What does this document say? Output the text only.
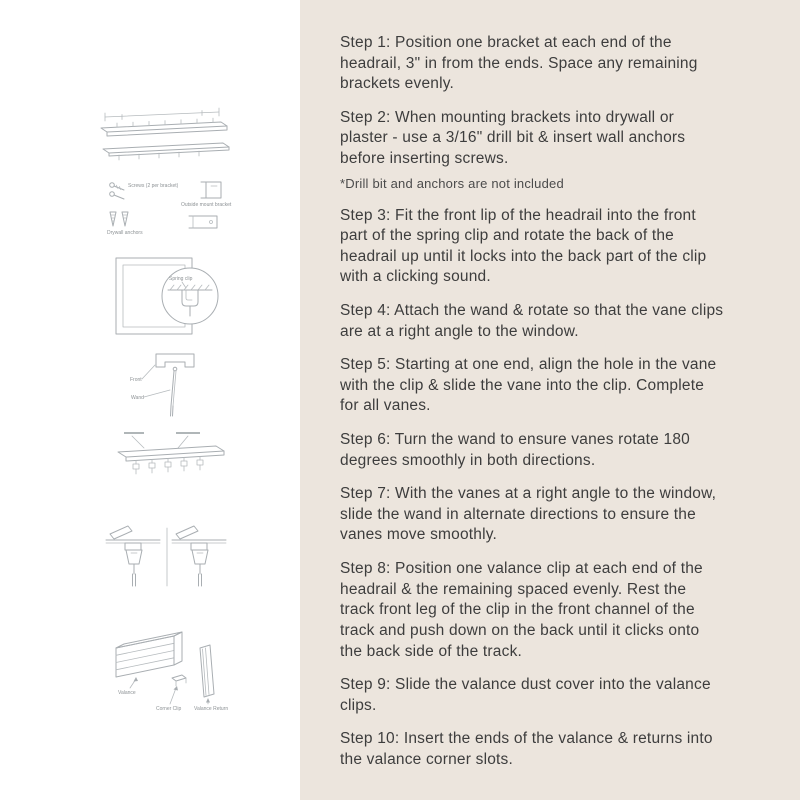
Screws (2 per bracket)
Outside mount bracket
Drywall anchors
Spring clip
Front
Wand
Valance
Corner Clip	Valance Return

Step 1: Position one bracket at each end of the headrail, 3" in from the ends. Space any remaining brackets evenly.

Step 2: When mounting brackets into drywall or plaster - use a 3/16" drill bit & insert wall anchors before inserting screws.

*Drill bit and anchors are not included

Step 3: Fit the front lip of the headrail into the front part of the spring clip and rotate the back of the headrail up until it locks into the back part of the clip with a clicking sound.

Step 4: Attach the wand & rotate so that the vane clips are at a right angle to the window.

Step 5: Starting at one end, align the hole in the vane with the clip & slide the vane into the clip. Complete for all vanes.

Step 6: Turn the wand to ensure vanes rotate 180 degrees smoothly in both directions.

Step 7: With the vanes at a right angle to the window, slide the wand in alternate directions to ensure the vanes move smoothly.

Step 8: Position one valance clip at each end of the headrail & the remaining spaced evenly. Rest the track front leg of the clip in the front channel of the track and push down on the back until it clicks onto the back side of the track.

Step 9: Slide the valance dust cover into the valance clips.

Step 10: Insert the ends of the valance & returns into the valance corner slots.
